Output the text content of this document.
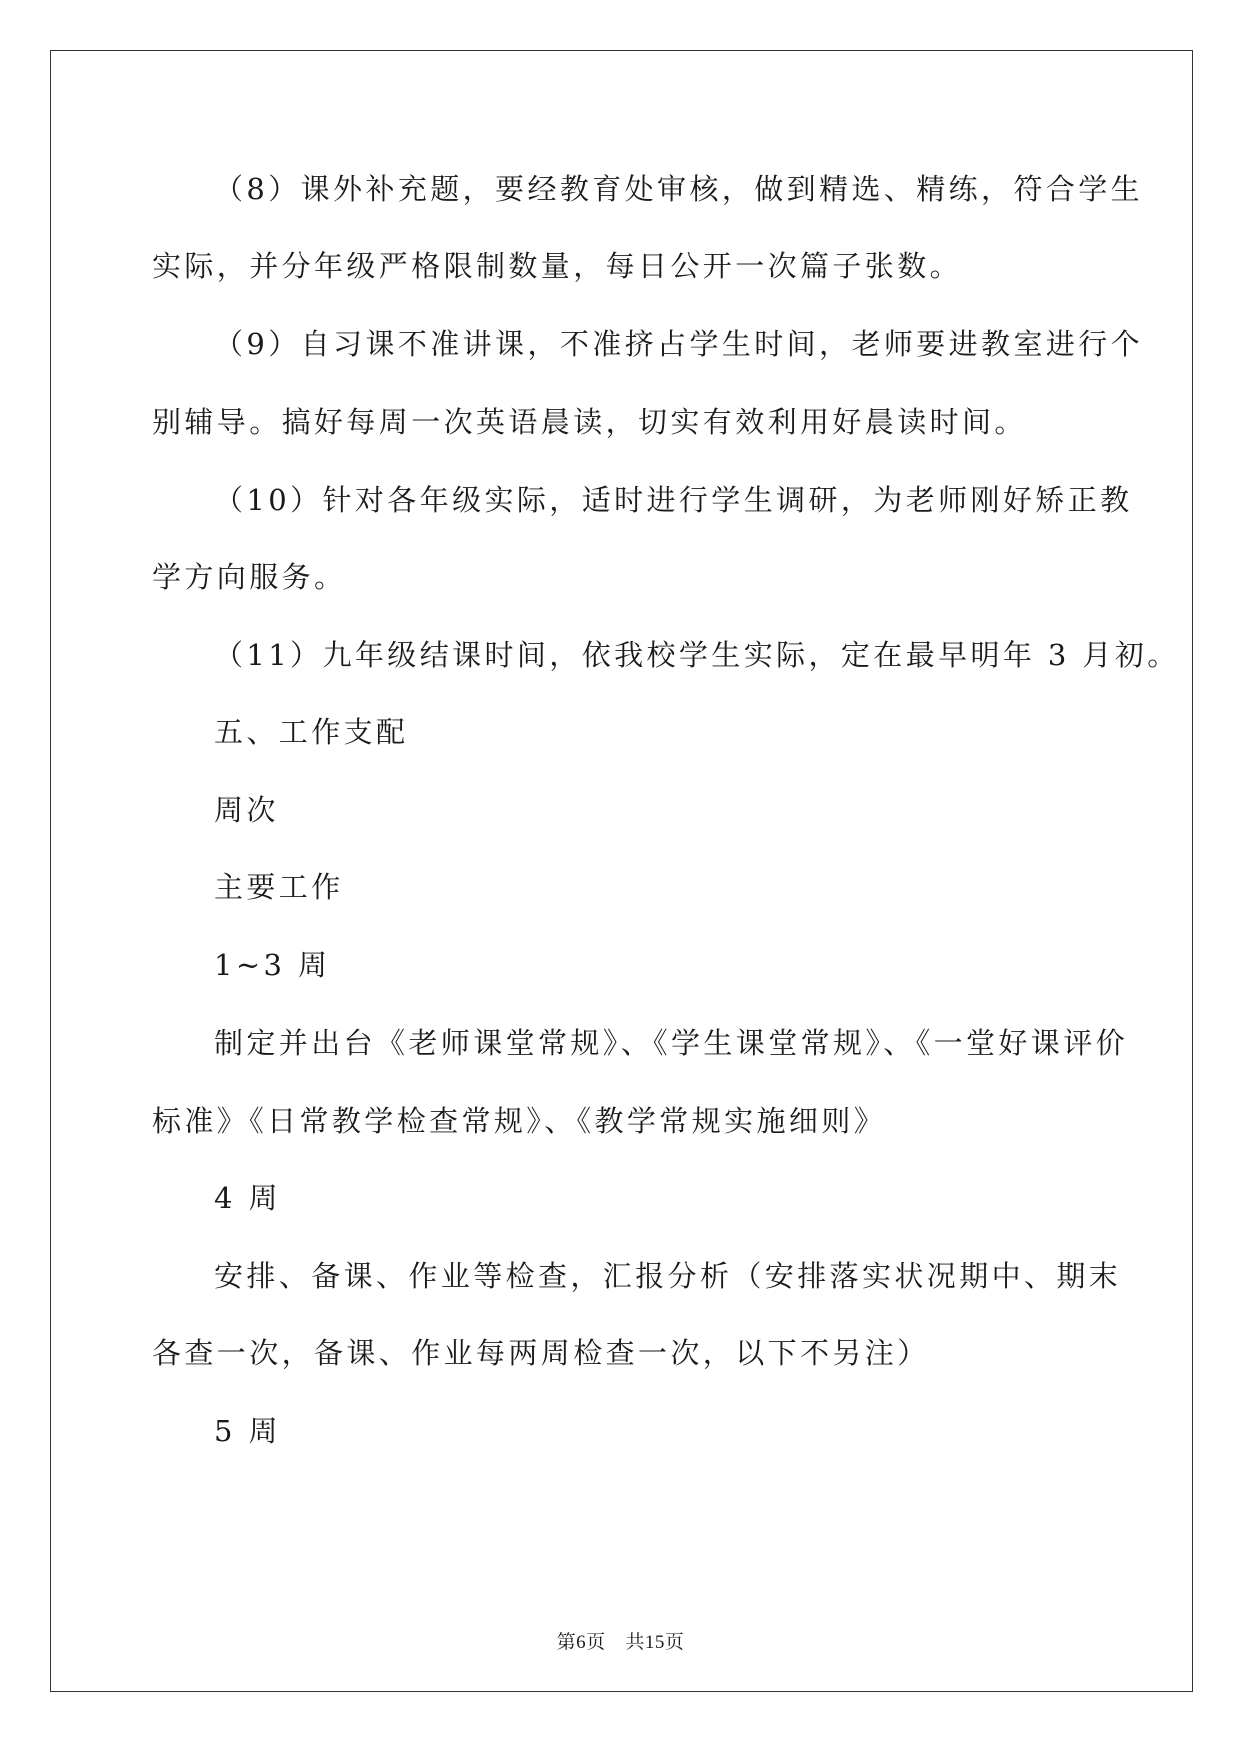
（8）课外补充题，要经教育处审核，做到精选、精练，符合学生
实际，并分年级严格限制数量，每日公开一次篇子张数。
（9）自习课不准讲课，不准挤占学生时间，老师要进教室进行个
别辅导。搞好每周一次英语晨读，切实有效利用好晨读时间。
（10）针对各年级实际，适时进行学生调研，为老师刚好矫正教
学方向服务。
（11）九年级结课时间，依我校学生实际，定在最早明年 3 月初。
五、工作支配
周次
主要工作
1~3 周
制定并出台《老师课堂常规》、《学生课堂常规》、《一堂好课评价
标准》《日常教学检查常规》、《教学常规实施细则》
4 周
安排、备课、作业等检查，汇报分析（安排落实状况期中、期末
各查一次，备课、作业每两周检查一次，以下不另注）
5 周
第6页 共15页
